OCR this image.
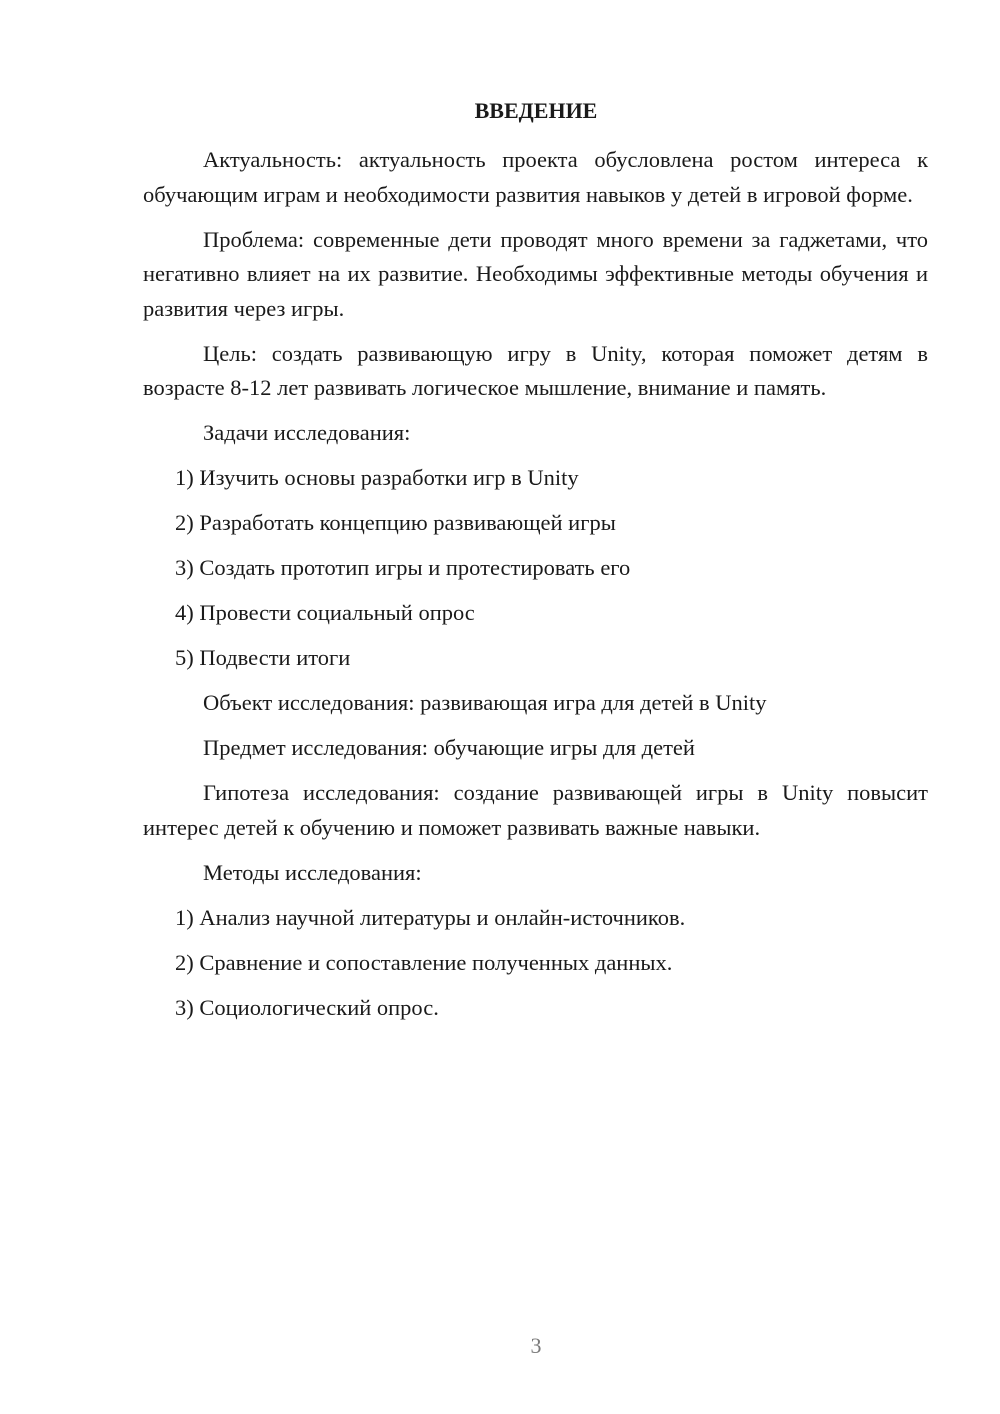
ВВЕДЕНИЕ

Актуальность: актуальность проекта обусловлена ростом интереса к обучающим играм и необходимости развития навыков у детей в игровой форме.

Проблема: современные дети проводят много времени за гаджетами, что негативно влияет на их развитие. Необходимы эффективные методы обучения и развития через игры.

Цель: создать развивающую игру в Unity, которая поможет детям в возрасте 8-12 лет развивать логическое мышление, внимание и память.

Задачи исследования:

1) Изучить основы разработки игр в Unity

2) Разработать концепцию развивающей игры

3) Создать прототип игры и протестировать его

4) Провести социальный опрос

5) Подвести итоги

Объект исследования: развивающая игра для детей в Unity

Предмет исследования: обучающие игры для детей

Гипотеза исследования: создание развивающей игры в Unity повысит интерес детей к обучению и поможет развивать важные навыки.

Методы исследования:

1) Анализ научной литературы и онлайн-источников.

2) Сравнение и сопоставление полученных данных.

3) Социологический опрос.

3
